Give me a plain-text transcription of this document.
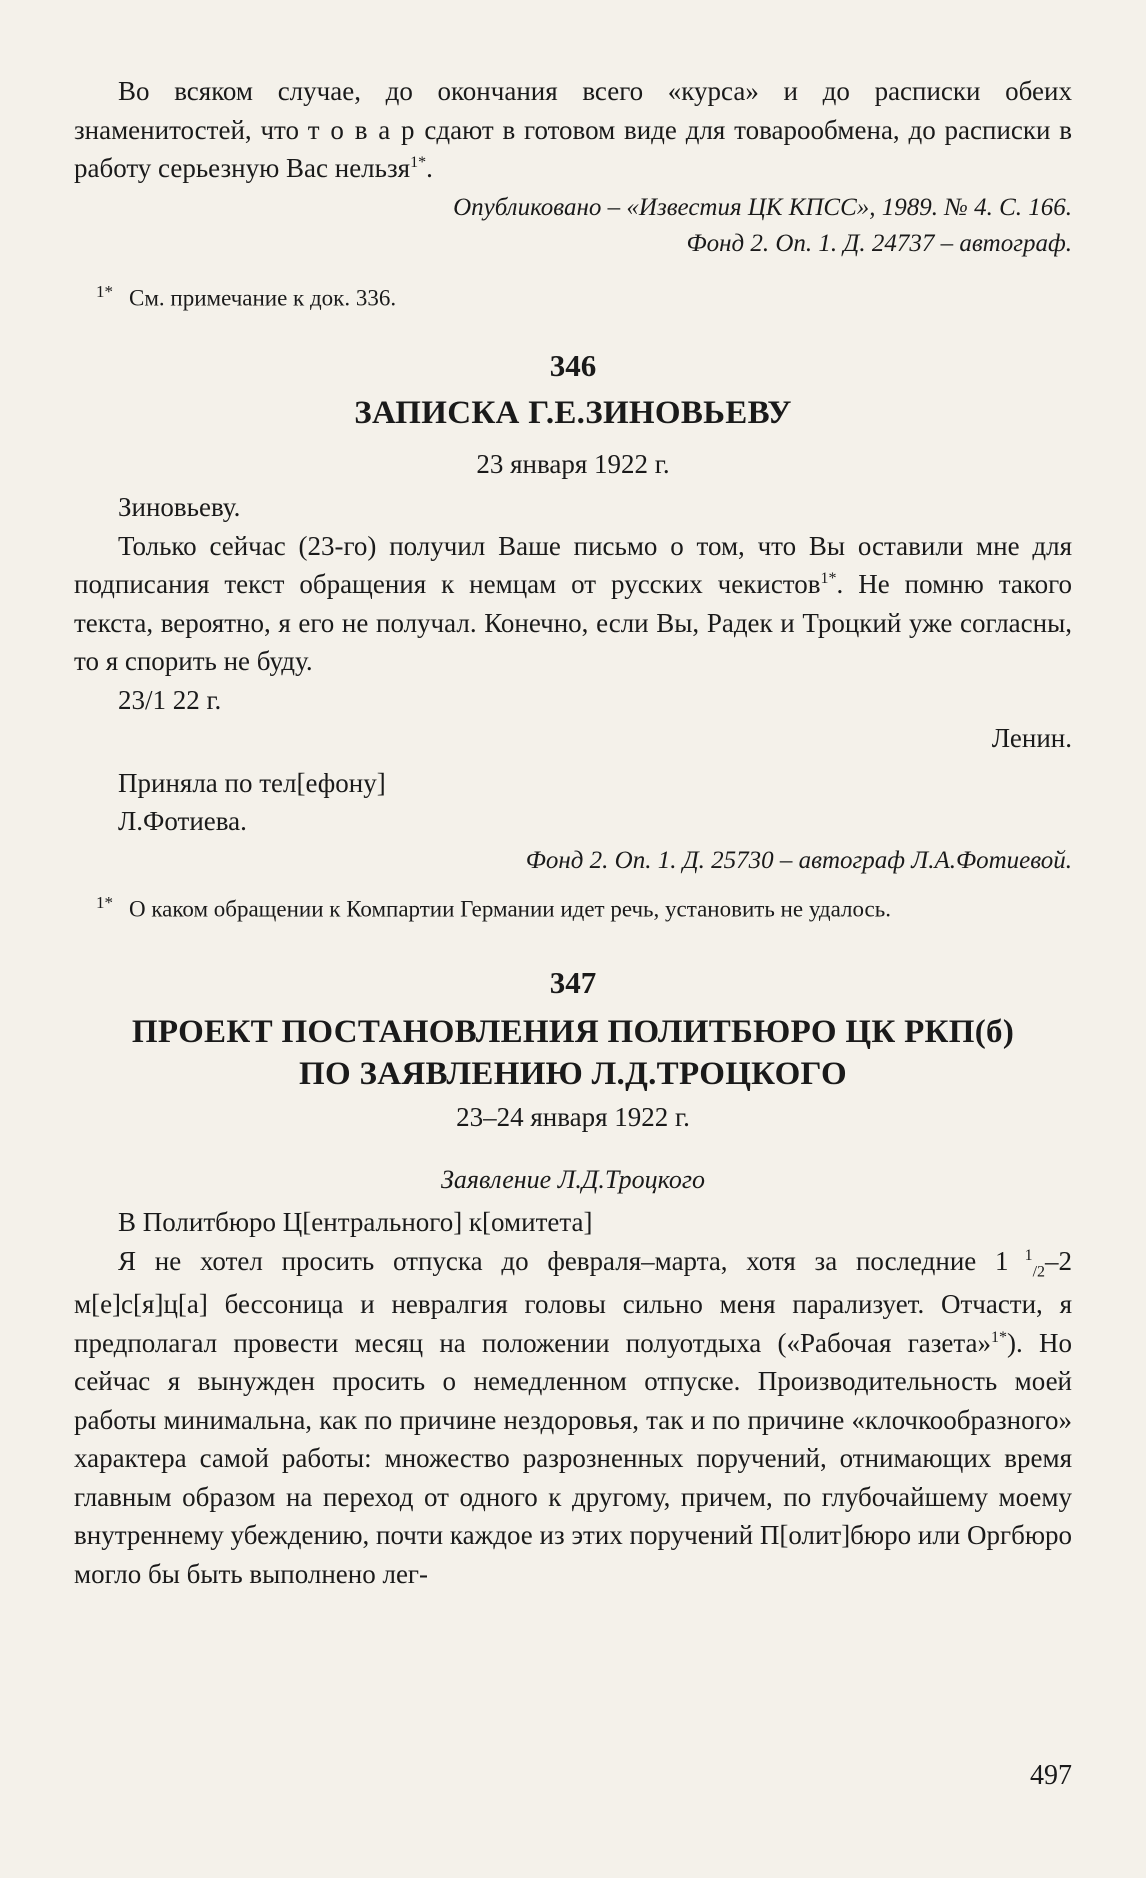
Во всяком случае, до окончания всего «курса» и до расписки обеих знаменитостей, что т о в а р сдают в готовом виде для товарообмена, до расписки в работу серьезную Вас нельзя$^{1*}$.

Опубликовано – «Известия ЦК КПСС», 1989. № 4. С. 166.

Фонд 2. Оп. 1. Д. 24737 – автограф.

$^{1*}$ См. примечание к док. 336.

346

ЗАПИСКА Г.Е.ЗИНОВЬЕВУ

23 января 1922 г.

Зиновьеву.

Только сейчас (23-го) получил Ваше письмо о том, что Вы оставили мне для подписания текст обращения к немцам от русских чекистов$^{1*}$. Не помню такого текста, вероятно, я его не получал. Конечно, если Вы, Радек и Троцкий уже согласны, то я спорить не буду.

23/1 22 г.

Ленин.

Приняла по тел[ефону]

Л.Фотиева.

Фонд 2. Оп. 1. Д. 25730 – автограф Л.А.Фотиевой.

$^{1*}$ О каком обращении к Компартии Германии идет речь, установить не удалось.

347

ПРОЕКТ ПОСТАНОВЛЕНИЯ ПОЛИТБЮРО ЦК РКП(б)

ПО ЗАЯВЛЕНИЮ Л.Д.ТРОЦКОГО

23–24 января 1922 г.

Заявление Л.Д.Троцкого

В Политбюро Ц[ентрального] к[омитета]

Я не хотел просить отпуска до февраля–марта, хотя за последние 1 $^1_{/2}$–2 м[е]с[я]ц[а] бессоница и невралгия головы сильно меня парализует. Отчасти, я предполагал провести месяц на положении полуотдыха («Рабочая газета»$^{1*}$). Но сейчас я вынужден просить о немедленном отпуске. Производительность моей работы минимальна, как по причине нездоровья, так и по причине «клочкообразного» характера самой работы: множество разрозненных поручений, отнимающих время главным образом на переход от одного к другому, причем, по глубочайшему моему внутреннему убеждению, почти каждое из этих поручений П[олит]бюро или Оргбюро могло бы быть выполнено лег-

497
